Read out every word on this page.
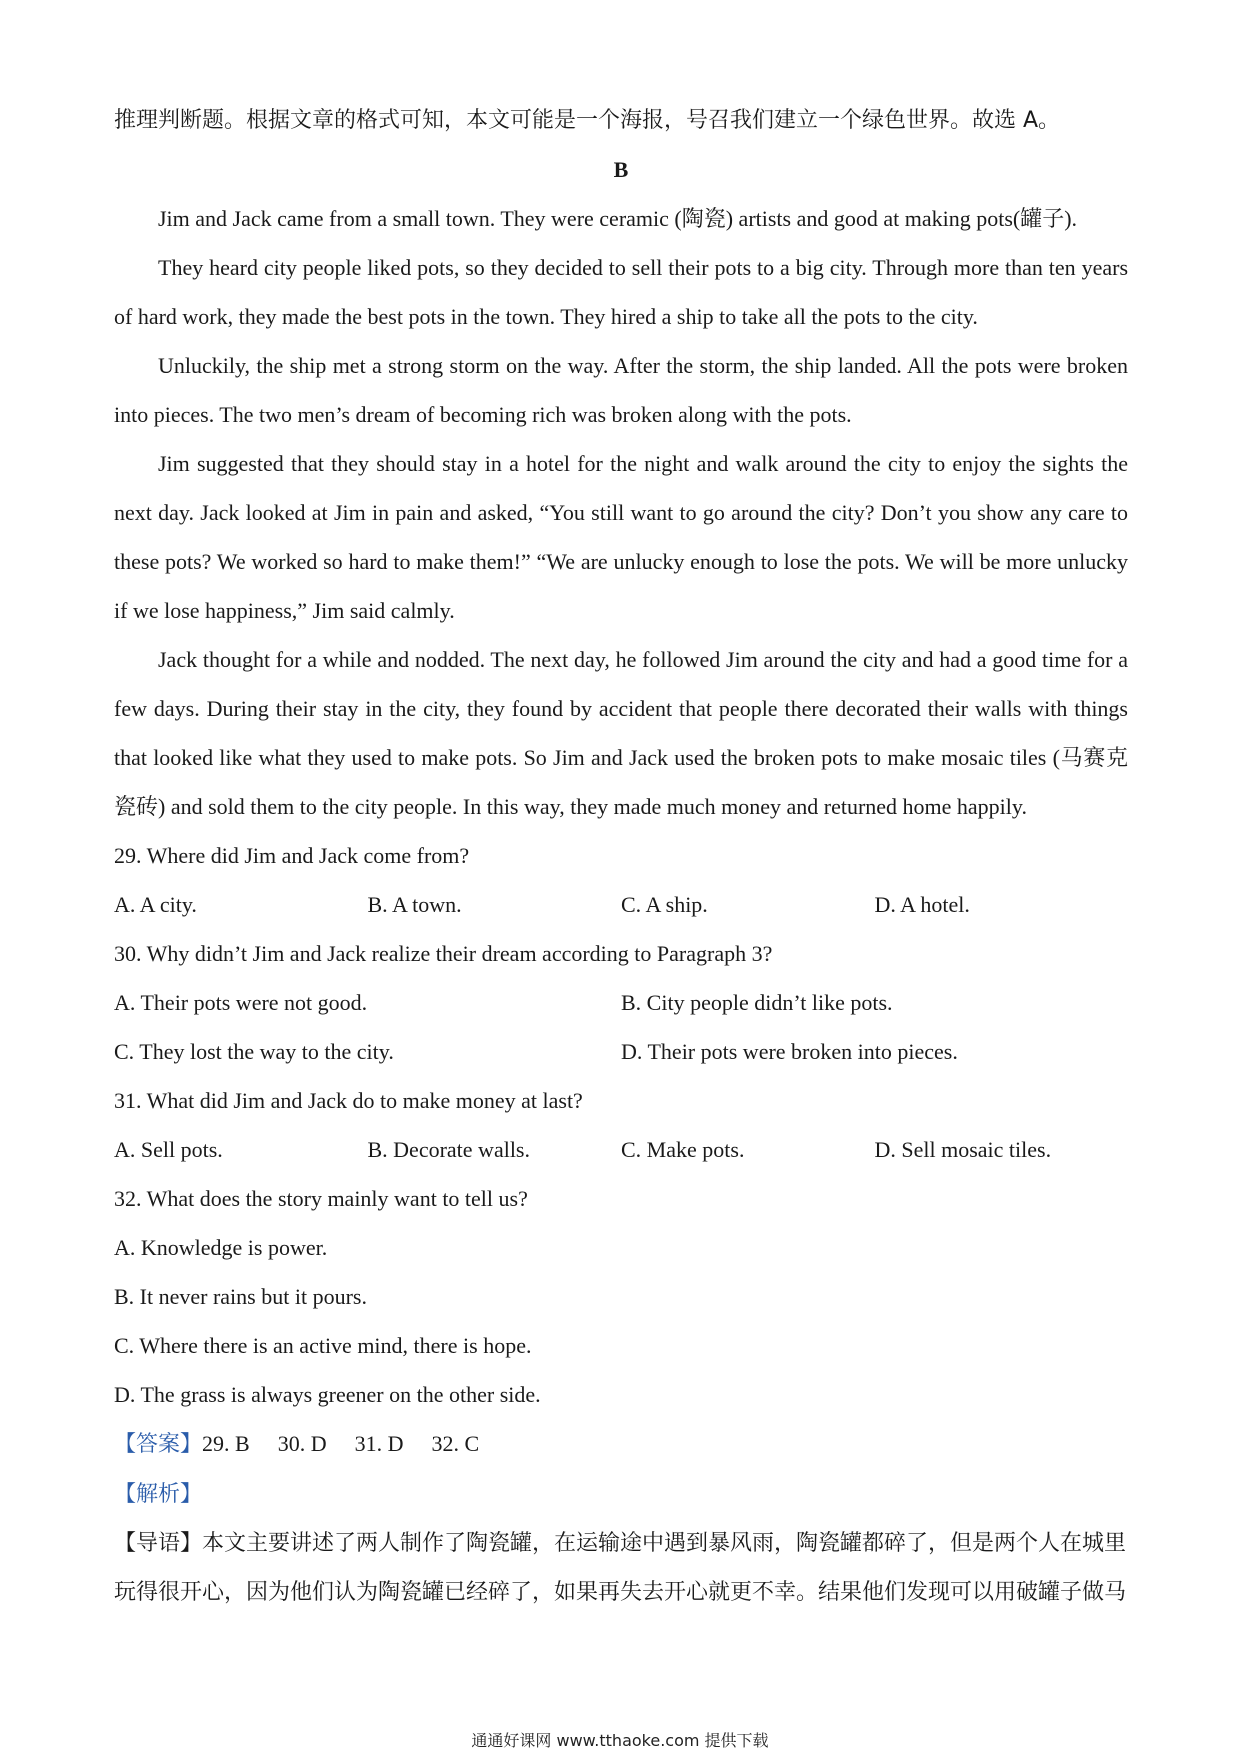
推理判断题。根据文章的格式可知，本文可能是一个海报，号召我们建立一个绿色世界。故选 A。

B

Jim and Jack came from a small town. They were ceramic (陶瓷) artists and good at making pots(罐子).

They heard city people liked pots, so they decided to sell their pots to a big city. Through more than ten years of hard work, they made the best pots in the town. They hired a ship to take all the pots to the city.

Unluckily, the ship met a strong storm on the way. After the storm, the ship landed. All the pots were broken into pieces. The two men’s dream of becoming rich was broken along with the pots.

Jim suggested that they should stay in a hotel for the night and walk around the city to enjoy the sights the next day. Jack looked at Jim in pain and asked, “You still want to go around the city? Don’t you show any care to these pots? We worked so hard to make them!” “We are unlucky enough to lose the pots. We will be more unlucky if we lose happiness,” Jim said calmly.

Jack thought for a while and nodded. The next day, he followed Jim around the city and had a good time for a few days. During their stay in the city, they found by accident that people there decorated their walls with things that looked like what they used to make pots. So Jim and Jack used the broken pots to make mosaic tiles (马赛克瓷砖) and sold them to the city people. In this way, they made much money and returned home happily.

29. Where did Jim and Jack come from?

A. A city.	B. A town.	C. A ship.	D. A hotel.

30. Why didn’t Jim and Jack realize their dream according to Paragraph 3?

A. Their pots were not good.	B. City people didn’t like pots.
C. They lost the way to the city.	D. Their pots were broken into pieces.

31. What did Jim and Jack do to make money at last?

A. Sell pots.	B. Decorate walls.	C. Make pots.	D. Sell mosaic tiles.

32. What does the story mainly want to tell us?

A. Knowledge is power.

B. It never rains but it pours.

C. Where there is an active mind, there is hope.

D. The grass is always greener on the other side.

【答案】29. B 30. D 31. D 32. C

【解析】

【导语】本文主要讲述了两人制作了陶瓷罐，在运输途中遇到暴风雨，陶瓷罐都碎了，但是两个人在城里

玩得很开心，因为他们认为陶瓷罐已经碎了，如果再失去开心就更不幸。结果他们发现可以用破罐子做马

通通好课网 www.tthaoke.com 提供下载
